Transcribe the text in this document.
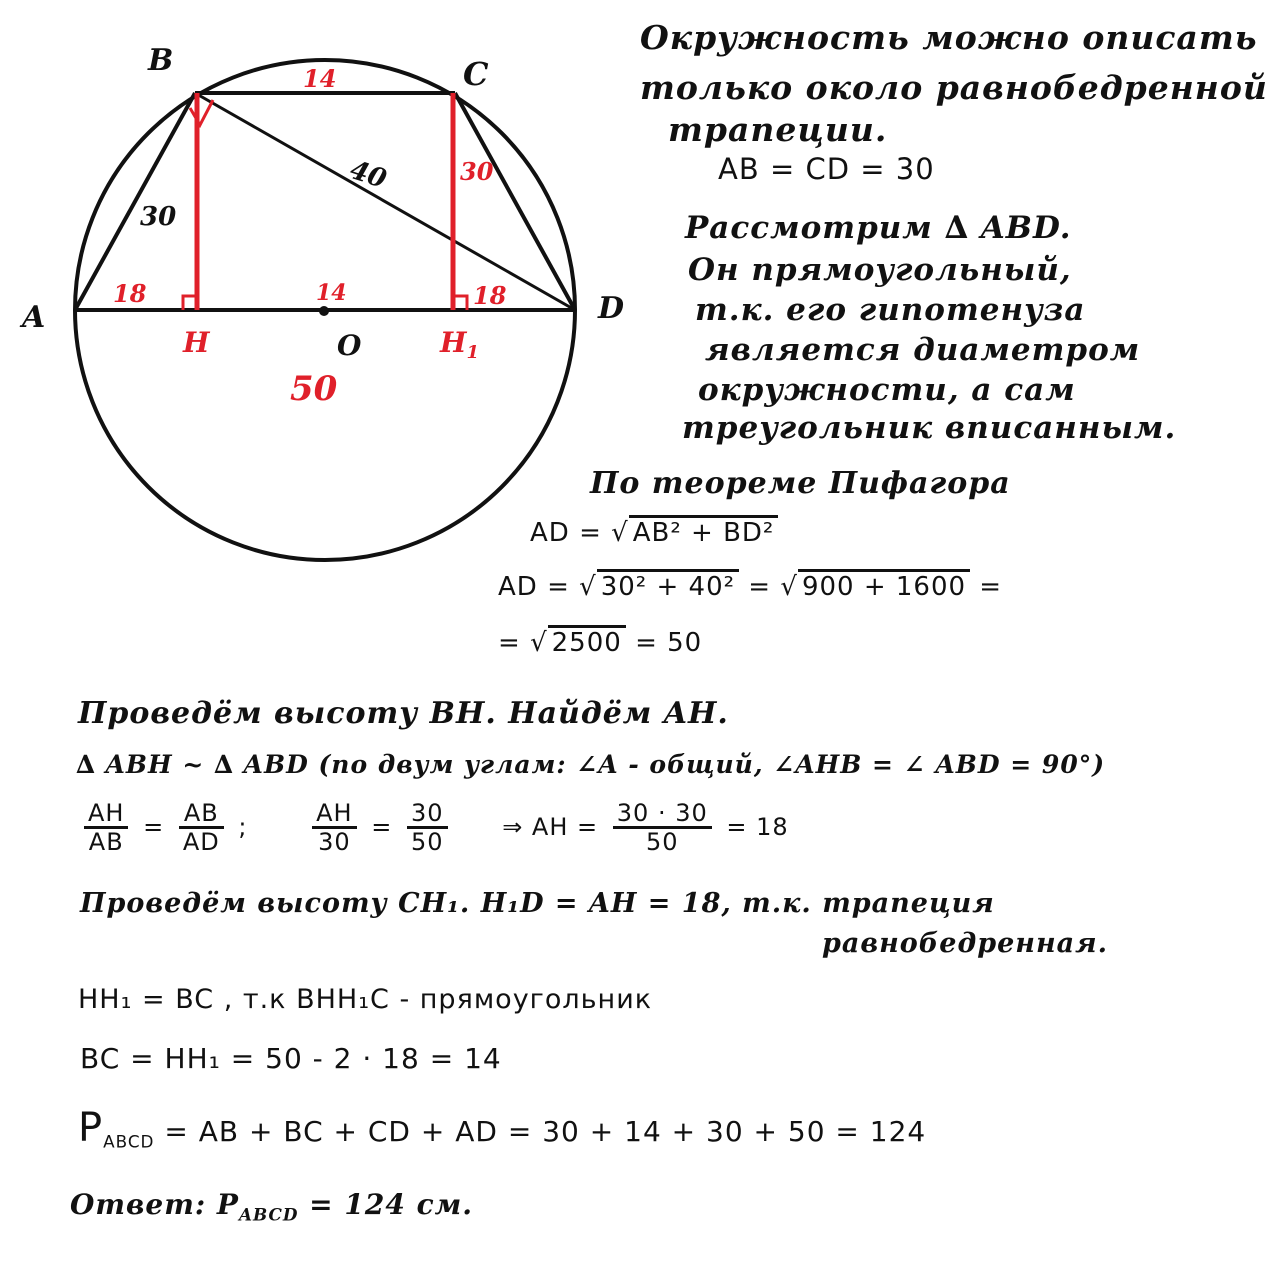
A
B	C
D
H	$H_1$
O
14
30
40	30
18	14	18
50
Окружность можно описать
только около равнобедренной
трапеции.
AB = CD = 30
Рассмотрим ∆ ABD.
Он прямоугольный,
т.к. его гипотенуза
является диаметром
окружности, а сам
треугольник вписанным.
По теореме Пифагора
AD = √ AB² + BD²
AD = √ 30² + 40² = √ 900 + 1600 =
= √ 2500 = 50
Проведём высоту BH. Найдём AH.
∆ ABH ~ ∆ ABD (по двум углам: ∠A - общий, ∠AHB = ∠ ABD = 90°)
$\frac{AH}{AB} = \frac{AB}{AD}$ ;	$\frac{AH}{30} = \frac{30}{50}$ ⇒ AH = $\frac{30 \cdot 30}{50} = 18$
Проведём высоту CH₁. H₁D = AH = 18, т.к. трапеция
равнобедренная.
HH₁ = BC , т.к BHH₁C - прямоугольник
BC = HH₁ = 50 - 2 · 18 = 14
$P_{ABCD}$ = AB + BC + CD + AD = 30 + 14 + 30 + 50 = 124
Ответ: $P_{ABCD} = 124$ см.
